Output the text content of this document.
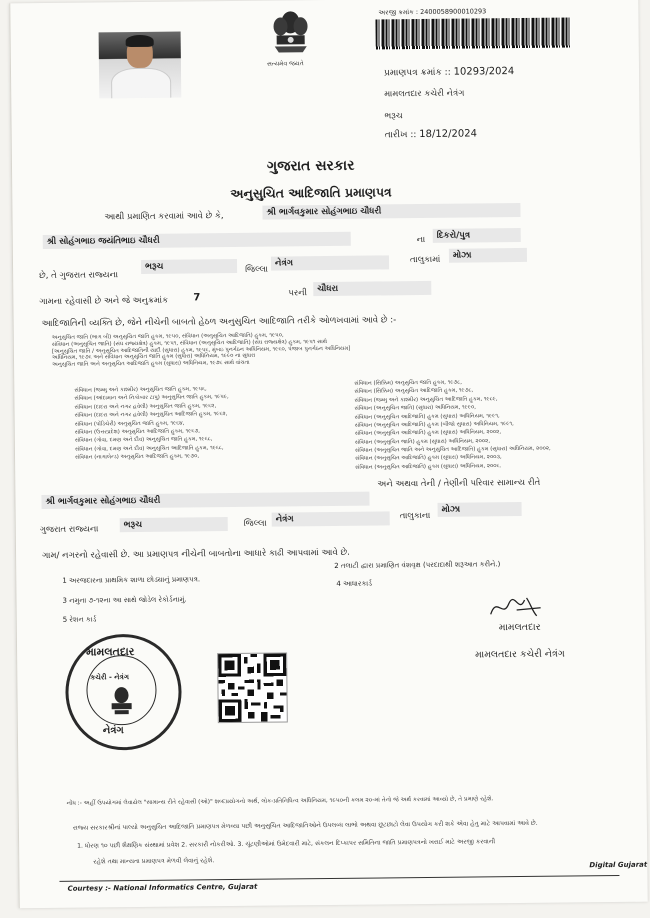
સત્યમેવ જયતે
અરજી ક્રમાંક : 2400058900010293
પ્રમાણપત્ર ક્રમાંક :: 10293/2024
મામલતદાર કચેરી નેત્રંગ
ભરૂચ
તારીખ :: 18/12/2024
ગુજરાત સરકાર
અનુસુચિત આદિજાતિ પ્રમાણપત્ર
આથી પ્રમાણિત કરવામાં આવે છે કે,	શ્રી ભાર્ગવકુમાર સોહંગભાઇ ચૌધરી
શ્રી સોહંગભાઇ જયંતિભાઇ ચૌધરી	ના	દિકરો/પુત્ર
છે, તે ગુજરાત રાજ્યના
ભરૂચ	જિલ્લા
નેત્રંગ	તાલુકામાં	મોઝા
ગામના રહેવાસી છે અને જે અનુક્રમાંક	7	પરની	ચૌધરા
આદિજાતિની વ્યક્તિ છે, જેને નીચેની બાબતો હેઠળ અનુસુચિત આદિજાતિ તરીકે ઓળખવામાં આવે છે :-
અનુસુચિત જાતિ (ભાગ બી) અનુસુચિત જાતિ હુકમ, ૧૯૫૦, સંવિધાન (અનુસુચિત આદિજાતિ) હુકમ, ૧૯૫૦,
સંવિધાન (અનુસુચિત જાતિ) (સંઘ રાજ્યક્ષેત્ર) હુકમ, ૧૯૫૧, સંવિધાન (અનુસુચિત આદિજાતિ) (સંઘ રાજ્યક્ષેત્ર) હુકમ, ૧૯૫૧ સાથે
[અનુસુચિત જાતિ / અનુસુચિત આદિજાતિની યાદી (સુધારા) હુકમ, ૧૯૫૬, મુંબઇ પુનર્ગઠન અધિનિયમ, ૧૯૬૦, પંજાબ પુનર્ગઠન અધિનિયમ]
અધિનિયમ, ૧૯૭૬ અને સંવિધાન અનુસુચિત જાતિ હુકમ (સુધારા) અધિનિયમ, ૧૯૯૦ ના સુધારા
અનુસુચિત જાતિ અને અનુસુચિત આદિજાતિ હુકમ (સુધારા) અધિનિયમ, ૧૯૭૬ સાથે વાંચતા
સંવિધાન (જમ્મુ અને કાશ્મીર) અનુસુચિત જાતિ હુકમ, ૧૯૫૬,
સંવિધાન (આંદામાન અને નિકોબાર ટાપુ) અનુસુચિત જાતિ હુકમ, ૧૯૫૯,
સંવિધાન (દાદરા અને નગર હવેલી) અનુસુચિત જાતિ હુકમ, ૧૯૬૨,
સંવિધાન (દાદરા અને નગર હવેલી) અનુસુચિત આદિજાતિ હુકમ, ૧૯૬૨,
સંવિધાન (પોંડિચેરી) અનુસુચિત જાતિ હુકમ, ૧૯૬૪,
સંવિધાન (ઉત્તરપ્રદેશ) અનુસુચિત આદિજાતિ હુકમ, ૧૯૬૭,
સંવિધાન (ગોવા, દમણ અને દીવ) અનુસુચિત જાતિ હુકમ, ૧૯૬૮,
સંવિધાન (ગોવા, દમણ અને દીવ) અનુસુચિત આદિજાતિ હુકમ, ૧૯૬૮,
સંવિધાન (નાગાલેન્ડ) અનુસુચિત આદિજાતિ હુકમ, ૧૯૭૦,
સંવિધાન (સિક્કિમ) અનુસુચિત જાતિ હુકમ, ૧૯૭૮,
સંવિધાન (સિક્કિમ) અનુસુચિત આદિજાતિ હુકમ, ૧૯૭૮,
સંવિધાન (જમ્મુ અને કાશ્મીર) અનુસુચિત આદિજાતિ હુકમ, ૧૯૮૯,
સંવિધાન (અનુસુચિત જાતિ) (સુધારા) અધિનિયમ, ૧૯૯૦,
સંવિધાન (અનુસુચિત આદિજાતિ) હુકમ (સુધારા) અધિનિયમ, ૧૯૯૧,
સંવિધાન (અનુસુચિત આદિજાતિ) હુકમ (બીજો સુધારા) અધિનિયમ, ૧૯૯૧,
સંવિધાન (અનુસુચિત આદિજાતિ) હુકમ (સુધારા) અધિનિયમ, ૨૦૦૨,
સંવિધાન (અનુસુચિત જાતિ) હુકમ (સુધારા) અધિનિયમ, ૨૦૦૨,
સંવિધાન (અનુસુચિત જાતિ અને અનુસુચિત આદિજાતિ) હુકમ (સુધારા) અધિનિયમ, ૨૦૦૨,
સંવિધાન (અનુસુચિત આદિજાતિ) હુકમ (સુધારા) અધિનિયમ, ૨૦૦૩,
સંવિધાન (અનુસુચિત આદિજાતિ) હુકમ (સુધારા) અધિનિયમ, ૨૦૦૬.
અને અથવા તેની / તેણીની પરિવાર સામાન્ય રીતે
શ્રી ભાર્ગવકુમાર સોહંગભાઇ ચૌધરી
ગુજરાત રાજ્યના	ભરૂચ	જિલ્લા	નેત્રંગ	તાલુકાના
મોઝા
ગામ/ નગરનો રહેવાસી છે. આ પ્રમાણપત્ર નીચેની બાબતોના આધારે કાઢી આપવામાં આવે છે.
1 અરજદારના પ્રાથમિક શાળા છોડ્યાનું પ્રમાણપત્ર.
2 તલાટી દ્વારા પ્રમાણિત વંશવૃક્ષ (પરદાદાથી શરૂઆત કરીને.)
3 નમુના ૭-૧૨ના આ સાથે જોડેલ રેકોર્ડનામું.
4 આધારકાર્ડ
5 રેશન કાર્ડ
મામલતદાર
મામલતદાર કચેરી નેત્રંગ
મામલતદાર
કચેરી - નેત્રંગ
નેત્રંગ
નોંધ :- અહીં ઉપયોગમાં લેવાયેલ "સામાન્ય રીતે રહેવાસી (ઓ)" શબ્દપ્રયોગનો અર્થ, લોક-પ્રતિનિધિત્વ અધિનિયમ, ૧૯૫૦ની કલમ ૨૦-માં તેનો જે અર્થ કરવામાં આવ્યો છે, તે પ્રમાણે રહેશે.
રાજ્ય સરકારશ્રીનાં પાલ્યો અનુસુચિત આદિજાતિ પ્રમાણપત્ર મેળવ્યા પછી અનુસુચિત આદિજાતિઓને ઉપલબ્ધ લાભો અથવા છૂટછાટો લેવા ઉપયોગ કરી શકે એવા હેતુ માટે આપવામાં આવે છે.
1. ધોરણ ૧૦ પછી શૈક્ષણિક સંસ્થામાં પ્રવેશ 2. સરકારી નોકરીઓ. 3. ચૂંટણીઓમાં ઉમેદવારી માટે, સંકલન દિપ્કાપર સમિતિના જાતિ પ્રમાણપત્રનો ખરાઈ માટે અરજી કરવાની
રહેશે તથા માન્યતા પ્રમાણપત્ર મેળવી લેવાનું રહેશે.
Courtesy :- National Informatics Centre, Gujarat
Digital Gujarat
